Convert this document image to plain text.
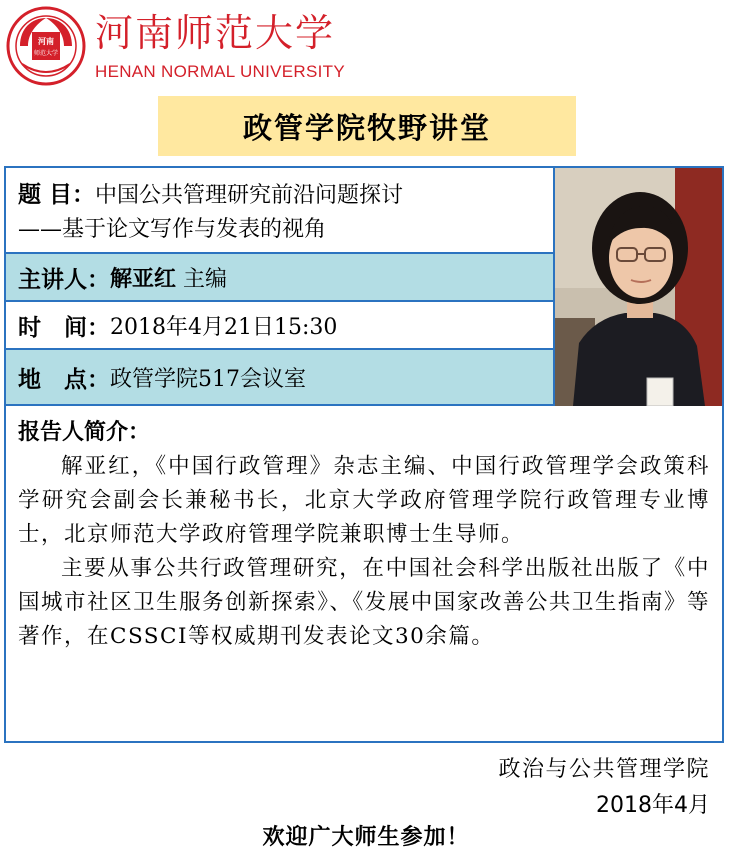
河南
师范大学 河南师范大学
HENAN NORMAL UNIVERSITY
政管学院牧野讲堂
题 目：中国公共管理研究前沿问题探讨
——基于论文写作与发表的视角
主讲人： 解亚红 主编
时　间： 2018年4月21日15:30
地　点： 政管学院517会议室
报告人简介：

解亚红，《中国行政管理》杂志主编、中国行政管理学会政策科学研究会副会长兼秘书长，北京大学政府管理学院行政管理专业博士，北京师范大学政府管理学院兼职博士生导师。

主要从事公共行政管理研究，在中国社会科学出版社出版了《中国城市社区卫生服务创新探索》、《发展中国家改善公共卫生指南》等著作，在CSSCI等权威期刊发表论文30余篇。

政治与公共管理学院
2018年4月
欢迎广大师生参加！
